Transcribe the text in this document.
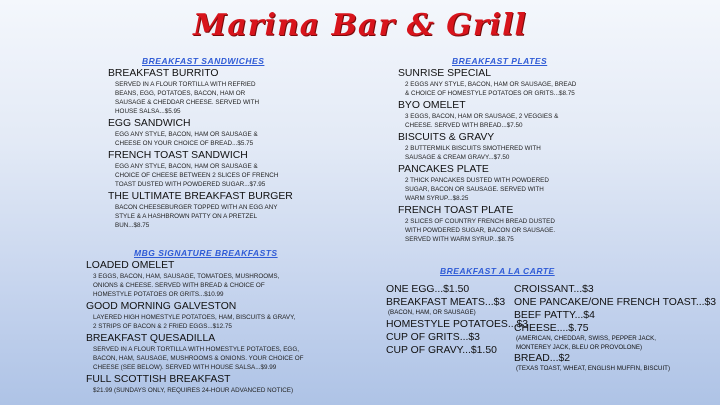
Marina Bar & Grill
BREAKFAST SANDWICHES
BREAKFAST BURRITO
SERVED IN A FLOUR TORTILLA WITH REFRIED
BEANS, EGG, POTATOES, BACON, HAM OR
SAUSAGE & CHEDDAR CHEESE. SERVED WITH
HOUSE SALSA...$5.95
EGG SANDWICH
EGG ANY STYLE, BACON, HAM OR SAUSAGE &
CHEESE ON YOUR CHOICE OF BREAD...$5.75
FRENCH TOAST SANDWICH
EGG ANY STYLE, BACON, HAM OR SAUSAGE &
CHOICE OF CHEESE BETWEEN 2 SLICES OF FRENCH
TOAST DUSTED WITH POWDERED SUGAR...$7.95
THE ULTIMATE BREAKFAST BURGER
BACON CHEESEBURGER TOPPED WITH AN EGG ANY
STYLE & A HASHBROWN PATTY ON A PRETZEL
BUN...$8.75
MBG SIGNATURE BREAKFASTS
LOADED OMELET
3 EGGS, BACON, HAM, SAUSAGE, TOMATOES, MUSHROOMS,
ONIONS & CHEESE. SERVED WITH BREAD & CHOICE OF
HOMESTYLE POTATOES OR GRITS...$10.99
GOOD MORNING GALVESTON
LAYERED HIGH HOMESTYLE POTATOES, HAM, BISCUITS & GRAVY,
2 STRIPS OF BACON & 2 FRIED EGGS...$12.75
BREAKFAST QUESADILLA
SERVED IN A FLOUR TORTILLA WITH HOMESTYLE POTATOES, EGG,
BACON, HAM, SAUSAGE, MUSHROOMS & ONIONS. YOUR CHOICE OF
CHEESE (SEE BELOW). SERVED WITH HOUSE SALSA...$9.99
FULL SCOTTISH BREAKFAST
$21.99 (SUNDAYS ONLY, REQUIRES 24-HOUR ADVANCED NOTICE)
BREAKFAST PLATES
SUNRISE SPECIAL
2 EGGS ANY STYLE, BACON, HAM OR SAUSAGE, BREAD
& CHOICE OF HOMESTYLE POTATOES OR GRITS...$8.75
BYO OMELET
3 EGGS, BACON, HAM OR SAUSAGE, 2 VEGGIES &
CHEESE. SERVED WITH BREAD...$7.50
BISCUITS & GRAVY
2 BUTTERMILK BISCUITS SMOTHERED WITH
SAUSAGE & CREAM GRAVY...$7.50
PANCAKES PLATE
2 THICK PANCAKES DUSTED WITH POWDERED
SUGAR, BACON OR SAUSAGE. SERVED WITH
WARM SYRUP...$8.25
FRENCH TOAST PLATE
2 SLICES OF COUNTRY FRENCH BREAD DUSTED
WITH POWDERED SUGAR, BACON OR SAUSAGE.
SERVED WITH WARM SYRUP...$8.75
BREAKFAST A LA CARTE
ONE EGG...$1.50
BREAKFAST MEATS...$3
(BACON, HAM, OR SAUSAGE)
HOMESTYLE POTATOES...$3
CUP OF GRITS...$3
CUP OF GRAVY...$1.50
CROISSANT...$3
ONE PANCAKE/ONE FRENCH TOAST...$3
BEEF PATTY...$4
CHEESE....$.75
(AMERICAN, CHEDDAR, SWISS, PEPPER JACK,
MONTEREY JACK, BLEU OR PROVOLONE)
BREAD...$2
(TEXAS TOAST, WHEAT, ENGLISH MUFFIN, BISCUIT)
